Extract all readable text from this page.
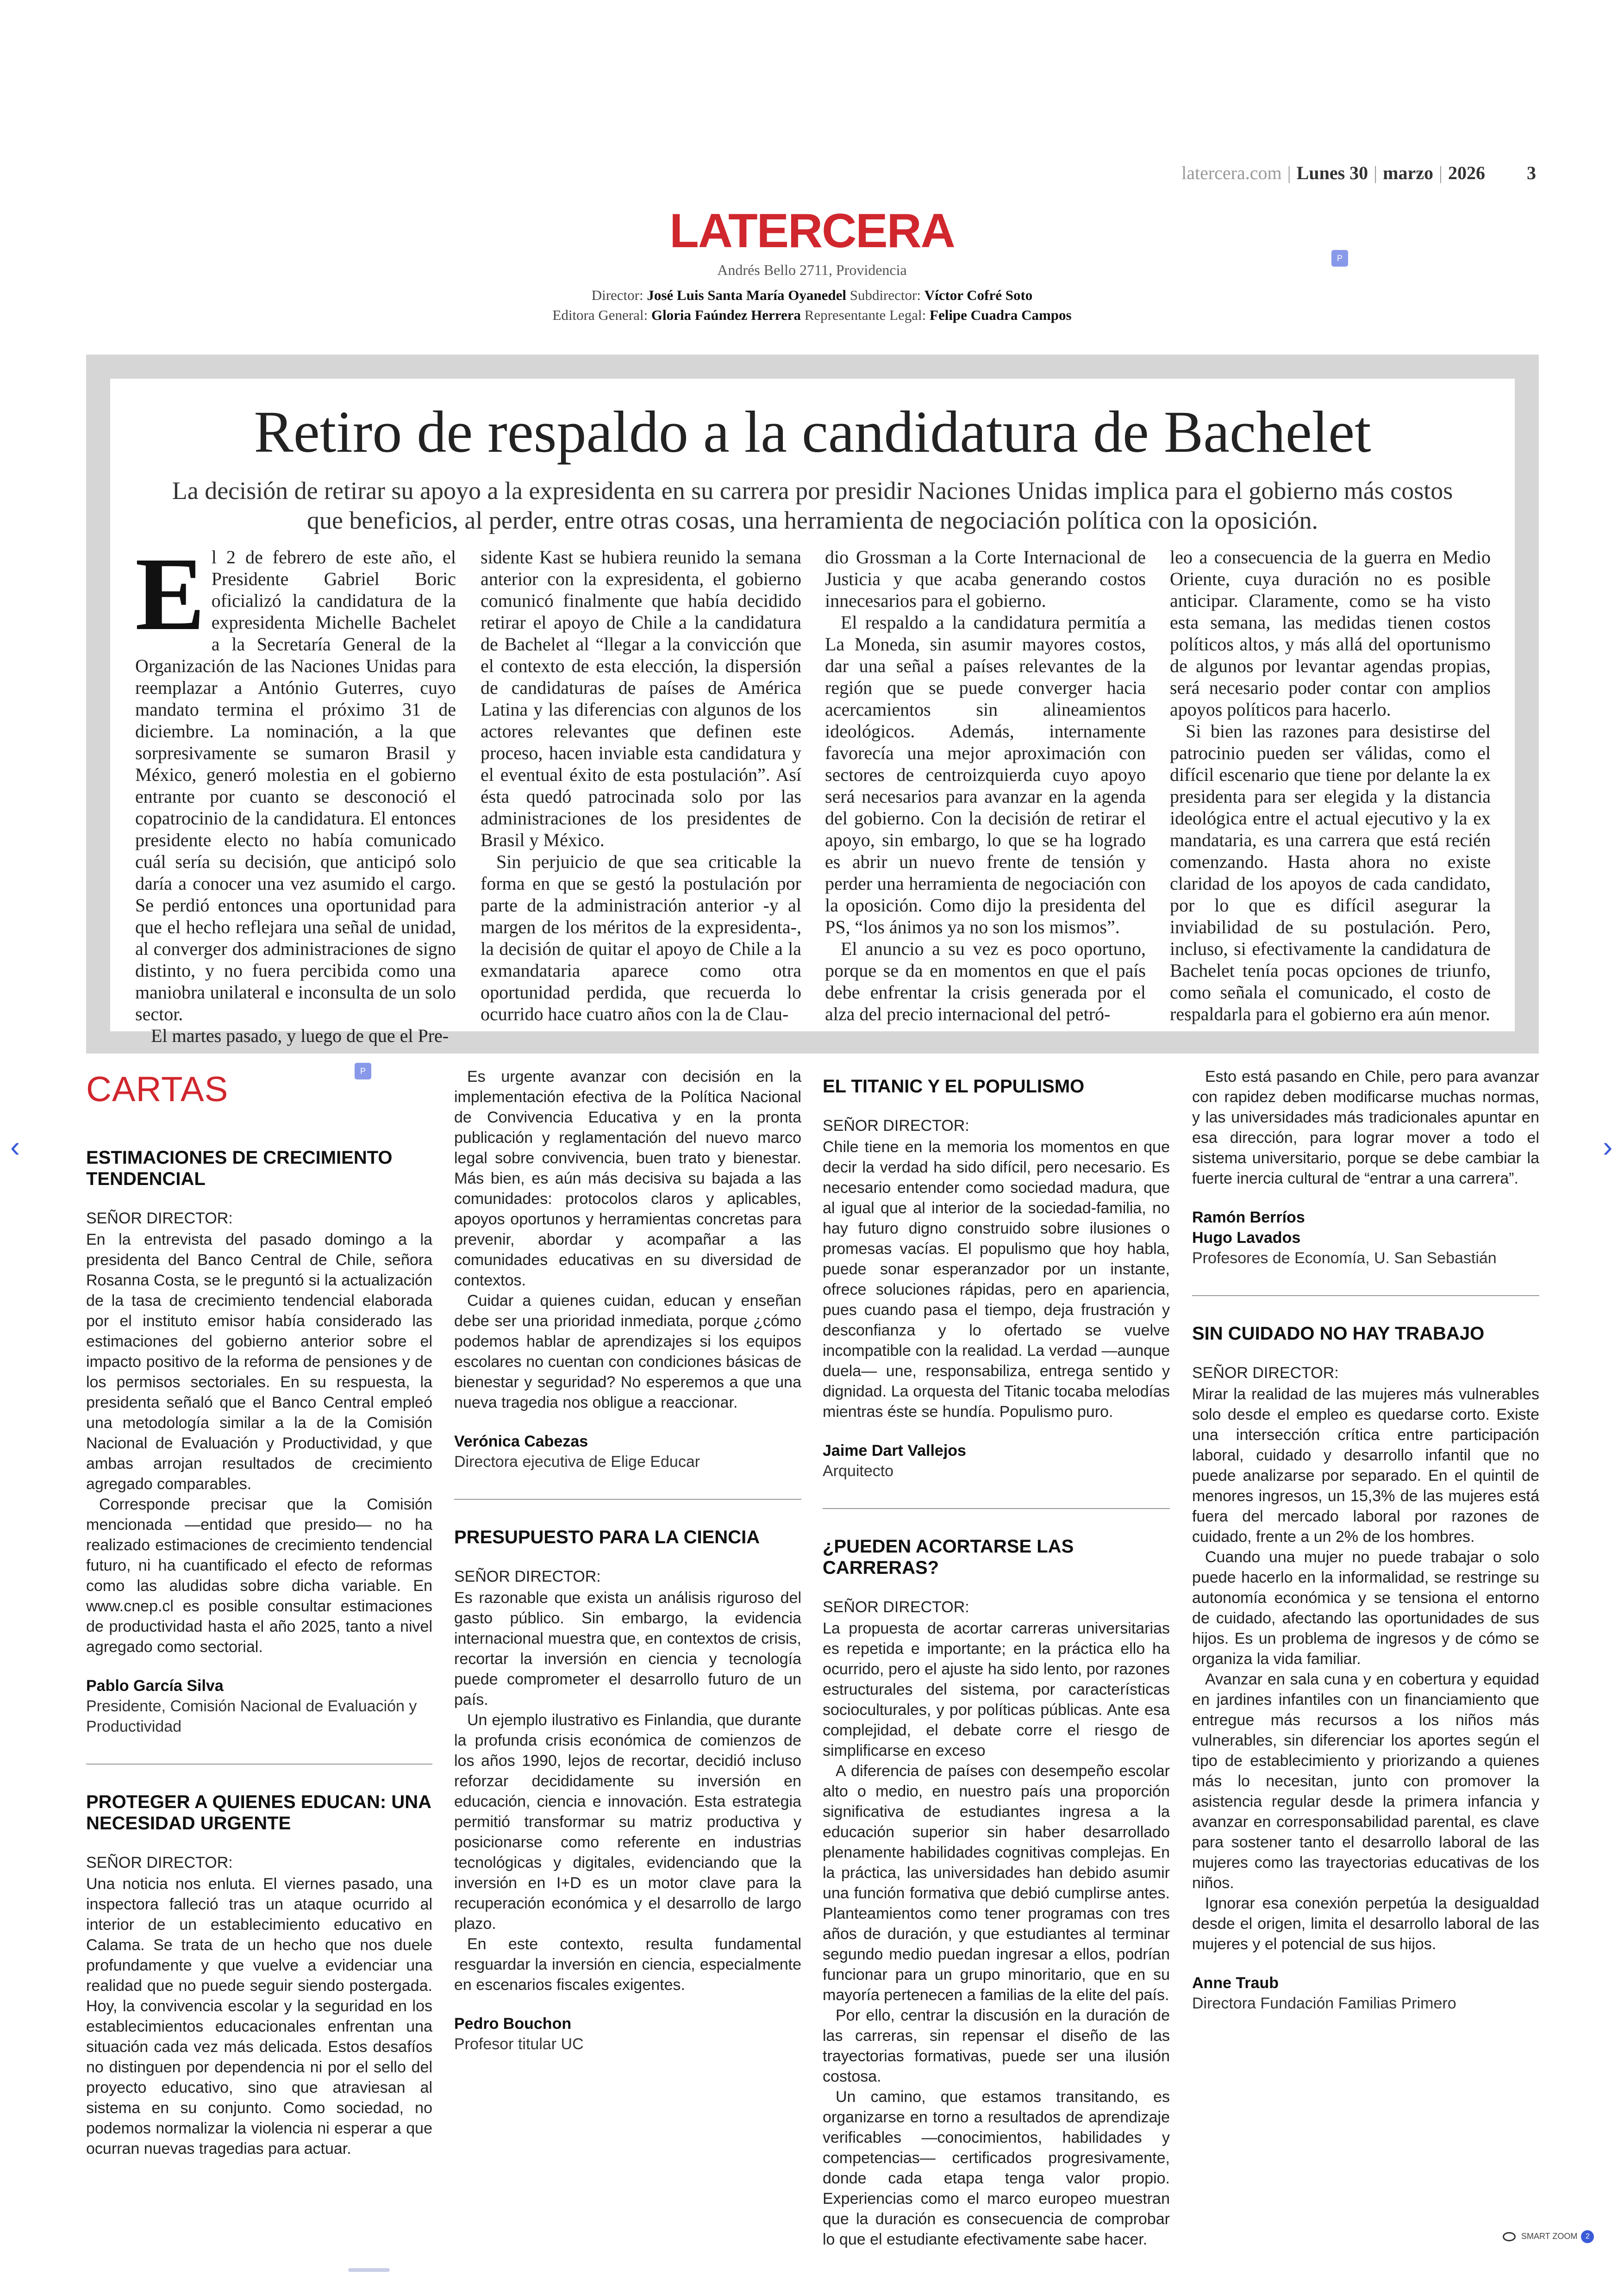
latercera.com | Lunes 30 | marzo | 2026 3
LATERCERA
Andrés Bello 2711, Providencia
Director: José Luis Santa María Oyanedel Subdirector: Víctor Cofré Soto
Editora General: Gloria Faúndez Herrera Representante Legal: Felipe Cuadra Campos
P
Retiro de respaldo a la candidatura de Bachelet
La decisión de retirar su apoyo a la expresidenta en su carrera por presidir Naciones Unidas implica para el gobierno más costos que beneficios, al perder, entre otras cosas, una herramienta de negociación política con la oposición.
E l 2 de febrero de este año, el Presidente Gabriel Boric oficializó la candidatura de la expresidenta Michelle Bachelet a la Secretaría General de la Organización de las Naciones Unidas para reemplazar a António Guterres, cuyo mandato termina el próximo 31 de diciembre. La nominación, a la que sorpresivamente se sumaron Brasil y México, generó molestia en el gobierno entrante por cuanto se desconoció el copatrocinio de la candidatura. El entonces presidente electo no había comunicado cuál sería su decisión, que anticipó solo daría a conocer una vez asumido el cargo. Se perdió entonces una oportunidad para que el hecho reflejara una señal de unidad, al converger dos administraciones de signo distinto, y no fuera percibida como una maniobra unilateral e inconsulta de un solo sector.

El martes pasado, y luego de que el Pre-

sidente Kast se hubiera reunido la semana anterior con la expresidenta, el gobierno comunicó finalmente que había decidido retirar el apoyo de Chile a la candidatura de Bachelet al “llegar a la convicción que el contexto de esta elección, la dispersión de candidaturas de países de América Latina y las diferencias con algunos de los actores relevantes que definen este proceso, hacen inviable esta candidatura y el eventual éxito de esta postulación”. Así ésta quedó patrocinada solo por las administraciones de los presidentes de Brasil y México.

Sin perjuicio de que sea criticable la forma en que se gestó la postulación por parte de la administración anterior -y al margen de los méritos de la expresidenta-, la decisión de quitar el apoyo de Chile a la exmandataria aparece como otra oportunidad perdida, que recuerda lo ocurrido hace cuatro años con la de Clau-

dio Grossman a la Corte Internacional de Justicia y que acaba generando costos innecesarios para el gobierno.

El respaldo a la candidatura permitía a La Moneda, sin asumir mayores costos, dar una señal a países relevantes de la región que se puede converger hacia acercamientos sin alineamientos ideológicos. Además, internamente favorecía una mejor aproximación con sectores de centroizquierda cuyo apoyo será necesarios para avanzar en la agenda del gobierno. Con la decisión de retirar el apoyo, sin embargo, lo que se ha logrado es abrir un nuevo frente de tensión y perder una herramienta de negociación con la oposición. Como dijo la presidenta del PS, “los ánimos ya no son los mismos”.

El anuncio a su vez es poco oportuno, porque se da en momentos en que el país debe enfrentar la crisis generada por el alza del precio internacional del petró-

leo a consecuencia de la guerra en Medio Oriente, cuya duración no es posible anticipar. Claramente, como se ha visto esta semana, las medidas tienen costos políticos altos, y más allá del oportunismo de algunos por levantar agendas propias, será necesario poder contar con amplios apoyos políticos para hacerlo.

Si bien las razones para desistirse del patrocinio pueden ser válidas, como el difícil escenario que tiene por delante la ex presidenta para ser elegida y la distancia ideológica entre el actual ejecutivo y la ex mandataria, es una carrera que está recién comenzando. Hasta ahora no existe claridad de los apoyos de cada candidato, por lo que es difícil asegurar la inviabilidad de su postulación. Pero, incluso, si efectivamente la candidatura de Bachelet tenía pocas opciones de triunfo, como señala el comunicado, el costo de respaldarla para el gobierno era aún menor.

CARTAS	P
ESTIMACIONES DE CRECIMIENTO TENDENCIAL
SEÑOR DIRECTOR:

En la entrevista del pasado domingo a la presidenta del Banco Central de Chile, señora Rosanna Costa, se le preguntó si la actualización de la tasa de crecimiento tendencial elaborada por el instituto emisor había considerado las estimaciones del gobierno anterior sobre el impacto positivo de la reforma de pensiones y de los permisos sectoriales. En su respuesta, la presidenta señaló que el Banco Central empleó una metodología similar a la de la Comisión Nacional de Evaluación y Productividad, y que ambas arrojan resultados de crecimiento agregado comparables.

Corresponde precisar que la Comisión mencionada —entidad que presido— no ha realizado estimaciones de crecimiento tendencial futuro, ni ha cuantificado el efecto de reformas como las aludidas sobre dicha variable. En www.cnep.cl es posible consultar estimaciones de productividad hasta el año 2025, tanto a nivel agregado como sectorial.

Pablo García Silva
Presidente, Comisión Nacional de Evaluación y Productividad
PROTEGER A QUIENES EDUCAN: UNA NECESIDAD URGENTE
SEÑOR DIRECTOR:

Una noticia nos enluta. El viernes pasado, una inspectora falleció tras un ataque ocurrido al interior de un establecimiento educativo en Calama. Se trata de un hecho que nos duele profundamente y que vuelve a evidenciar una realidad que no puede seguir siendo postergada. Hoy, la convivencia escolar y la seguridad en los establecimientos educacionales enfrentan una situación cada vez más delicada. Estos desafíos no distinguen por dependencia ni por el sello del proyecto educativo, sino que atraviesan al sistema en su conjunto. Como sociedad, no podemos normalizar la violencia ni esperar a que ocurran nuevas tragedias para actuar.

Es urgente avanzar con decisión en la implementación efectiva de la Política Nacional de Convivencia Educativa y en la pronta publicación y reglamentación del nuevo marco legal sobre convivencia, buen trato y bienestar. Más bien, es aún más decisiva su bajada a las comunidades: protocolos claros y aplicables, apoyos oportunos y herramientas concretas para prevenir, abordar y acompañar a las comunidades educativas en su diversidad de contextos.

Cuidar a quienes cuidan, educan y enseñan debe ser una prioridad inmediata, porque ¿cómo podemos hablar de aprendizajes si los equipos escolares no cuentan con condiciones básicas de bienestar y seguridad? No esperemos a que una nueva tragedia nos obligue a reaccionar.

Verónica Cabezas
Directora ejecutiva de Elige Educar
PRESUPUESTO PARA LA CIENCIA
SEÑOR DIRECTOR:

Es razonable que exista un análisis riguroso del gasto público. Sin embargo, la evidencia internacional muestra que, en contextos de crisis, recortar la inversión en ciencia y tecnología puede comprometer el desarrollo futuro de un país.

Un ejemplo ilustrativo es Finlandia, que durante la profunda crisis económica de comienzos de los años 1990, lejos de recortar, decidió incluso reforzar decididamente su inversión en educación, ciencia e innovación. Esta estrategia permitió transformar su matriz productiva y posicionarse como referente en industrias tecnológicas y digitales, evidenciando que la inversión en I+D es un motor clave para la recuperación económica y el desarrollo de largo plazo.

En este contexto, resulta fundamental resguardar la inversión en ciencia, especialmente en escenarios fiscales exigentes.

Pedro Bouchon
Profesor titular UC
EL TITANIC Y EL POPULISMO
SEÑOR DIRECTOR:

Chile tiene en la memoria los momentos en que decir la verdad ha sido difícil, pero necesario. Es necesario entender como sociedad madura, que al igual que al interior de la sociedad-familia, no hay futuro digno construido sobre ilusiones o promesas vacías. El populismo que hoy habla, puede sonar esperanzador por un instante, ofrece soluciones rápidas, pero en apariencia, pues cuando pasa el tiempo, deja frustración y desconfianza y lo ofertado se vuelve incompatible con la realidad. La verdad —aunque duela— une, responsabiliza, entrega sentido y dignidad. La orquesta del Titanic tocaba melodías mientras éste se hundía. Populismo puro.

Jaime Dart Vallejos
Arquitecto
¿PUEDEN ACORTARSE LAS CARRERAS?
SEÑOR DIRECTOR:

La propuesta de acortar carreras universitarias es repetida e importante; en la práctica ello ha ocurrido, pero el ajuste ha sido lento, por razones estructurales del sistema, por características socioculturales, y por políticas públicas. Ante esa complejidad, el debate corre el riesgo de simplificarse en exceso

A diferencia de países con desempeño escolar alto o medio, en nuestro país una proporción significativa de estudiantes ingresa a la educación superior sin haber desarrollado plenamente habilidades cognitivas complejas. En la práctica, las universidades han debido asumir una función formativa que debió cumplirse antes. Planteamientos como tener programas con tres años de duración, y que estudiantes al terminar segundo medio puedan ingresar a ellos, podrían funcionar para un grupo minoritario, que en su mayoría pertenecen a familias de la elite del país.

Por ello, centrar la discusión en la duración de las carreras, sin repensar el diseño de las trayectorias formativas, puede ser una ilusión costosa.

Un camino, que estamos transitando, es organizarse en torno a resultados de aprendizaje verificables —conocimientos, habilidades y competencias— certificados progresivamente, donde cada etapa tenga valor propio. Experiencias como el marco europeo muestran que la duración es consecuencia de comprobar lo que el estudiante efectivamente sabe hacer.

Esto está pasando en Chile, pero para avanzar con rapidez deben modificarse muchas normas, y las universidades más tradicionales apuntar en esa dirección, para lograr mover a todo el sistema universitario, porque se debe cambiar la fuerte inercia cultural de “entrar a una carrera”.

Ramón Berríos
Hugo Lavados
Profesores de Economía, U. San Sebastián
SIN CUIDADO NO HAY TRABAJO
SEÑOR DIRECTOR:

Mirar la realidad de las mujeres más vulnerables solo desde el empleo es quedarse corto. Existe una intersección crítica entre participación laboral, cuidado y desarrollo infantil que no puede analizarse por separado. En el quintil de menores ingresos, un 15,3% de las mujeres está fuera del mercado laboral por razones de cuidado, frente a un 2% de los hombres.

Cuando una mujer no puede trabajar o solo puede hacerlo en la informalidad, se restringe su autonomía económica y se tensiona el entorno de cuidado, afectando las oportunidades de sus hijos. Es un problema de ingresos y de cómo se organiza la vida familiar.

Avanzar en sala cuna y en cobertura y equidad en jardines infantiles con un financiamiento que entregue más recursos a los niños más vulnerables, sin diferenciar los aportes según el tipo de establecimiento y priorizando a quienes más lo necesitan, junto con promover la asistencia regular desde la primera infancia y avanzar en corresponsabilidad parental, es clave para sostener tanto el desarrollo laboral de las mujeres como las trayectorias educativas de los niños.

Ignorar esa conexión perpetúa la desigualdad desde el origen, limita el desarrollo laboral de las mujeres y el potencial de sus hijos.

Anne Traub
Directora Fundación Familias Primero
‹	›
SMART ZOOM 2
